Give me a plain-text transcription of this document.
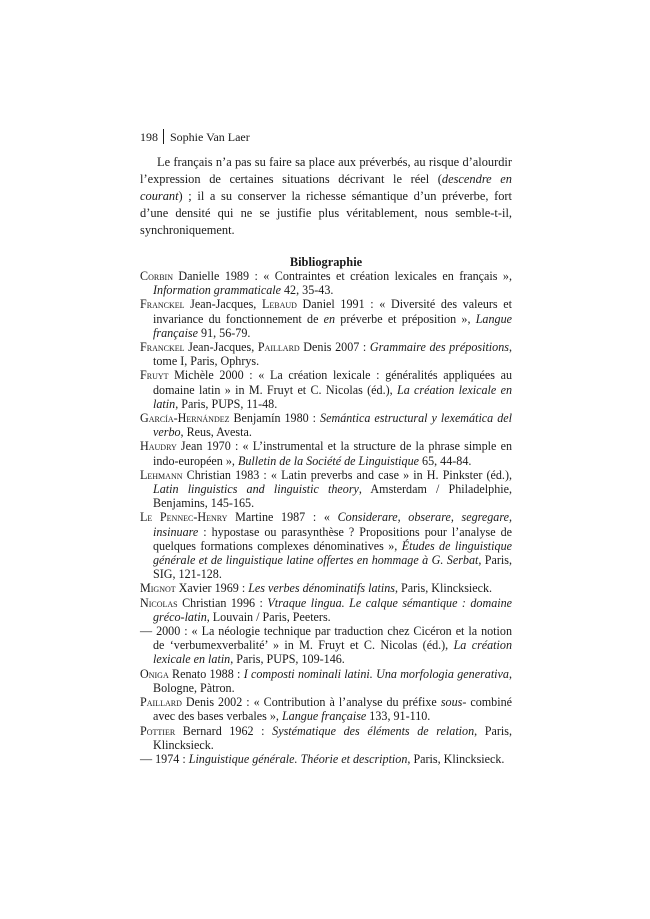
198 Sophie Van Laer

Le français n’a pas su faire sa place aux préverbés, au risque d’alourdir l’expression de certaines situations décrivant le réel (descendre en courant) ; il a su conserver la richesse sémantique d’un préverbe, fort d’une densité qui ne se justifie plus véritablement, nous semble-t-il, synchroniquement.

Bibliographie
Corbin Danielle 1989 : « Contraintes et création lexicales en français », Information grammaticale 42, 35-43.
Franckel Jean-Jacques, Lebaud Daniel 1991 : « Diversité des valeurs et invariance du fonctionnement de en préverbe et préposition », Langue française 91, 56-79.
Franckel Jean-Jacques, Paillard Denis 2007 : Grammaire des prépositions, tome I, Paris, Ophrys.
Fruyt Michèle 2000 : « La création lexicale : généralités appliquées au domaine latin » in M. Fruyt et C. Nicolas (éd.), La création lexicale en latin, Paris, PUPS, 11-48.
García-Hernández Benjamín 1980 : Semántica estructural y lexemática del verbo, Reus, Avesta.
Haudry Jean 1970 : « L’instrumental et la structure de la phrase simple en indo-européen », Bulletin de la Société de Linguistique 65, 44-84.
Lehmann Christian 1983 : « Latin preverbs and case » in H. Pinkster (éd.), Latin linguistics and linguistic theory, Amsterdam / Philadelphie, Benjamins, 145-165.
Le Pennec-Henry Martine 1987 : « Considerare, obserare, segregare, insinuare : hypostase ou parasynthèse ? Propositions pour l’analyse de quelques formations complexes dénominatives », Études de linguistique générale et de linguistique latine offertes en hommage à G. Serbat, Paris, SIG, 121-128.
Mignot Xavier 1969 : Les verbes dénominatifs latins, Paris, Klincksieck.
Nicolas Christian 1996 : Vtraque lingua. Le calque sémantique : domaine gréco-latin, Louvain / Paris, Peeters.
— 2000 : « La néologie technique par traduction chez Cicéron et la notion de ‘verbumexverbalité’ » in M. Fruyt et C. Nicolas (éd.), La création lexicale en latin, Paris, PUPS, 109-146.
Oniga Renato 1988 : I composti nominali latini. Una morfologia generativa, Bologne, Pàtron.
Paillard Denis 2002 : « Contribution à l’analyse du préfixe sous- combiné avec des bases verbales », Langue française 133, 91-110.
Pottier Bernard 1962 : Systématique des éléments de relation, Paris, Klincksieck.
— 1974 : Linguistique générale. Théorie et description, Paris, Klincksieck.
